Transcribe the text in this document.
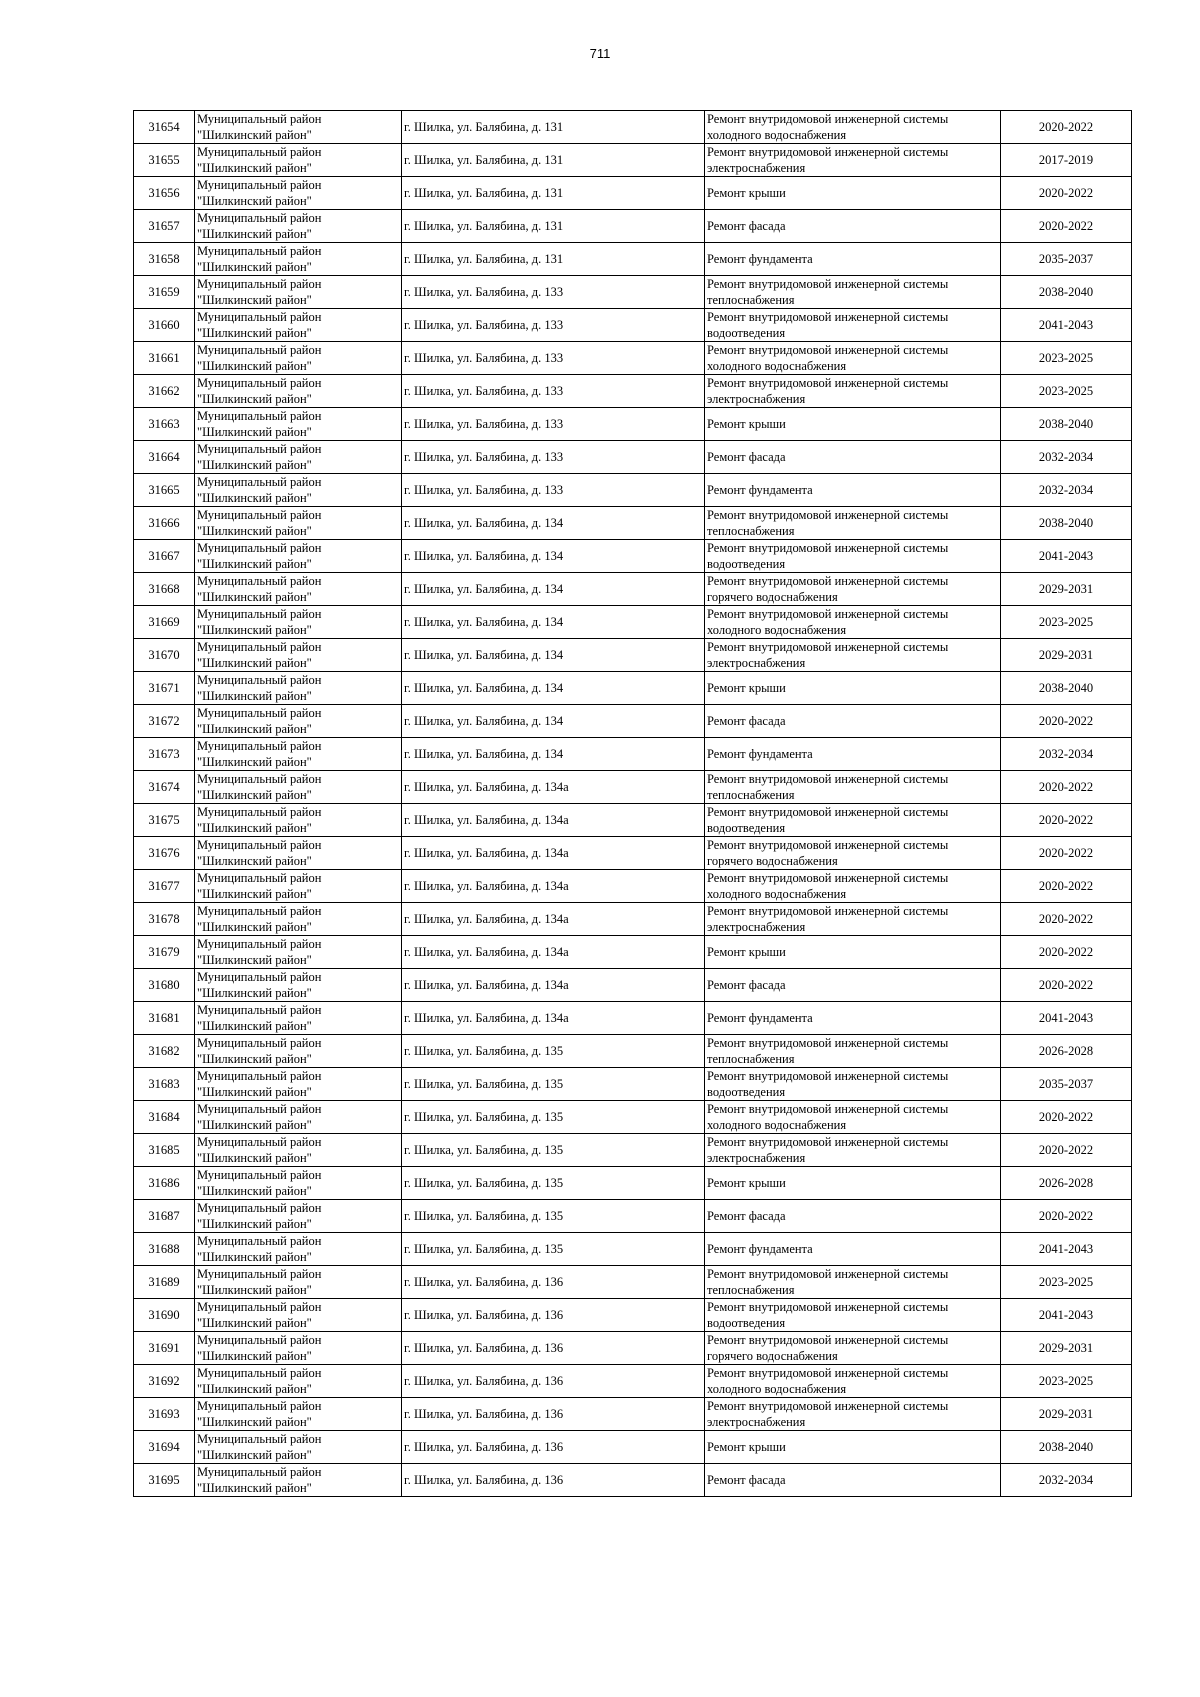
711
31654	Муниципальный район
"Шилкинский район"	г. Шилка, ул. Балябина, д. 131	Ремонт внутридомовой инженерной системы
холодного водоснабжения	2020-2022
31655	Муниципальный район
"Шилкинский район"	г. Шилка, ул. Балябина, д. 131	Ремонт внутридомовой инженерной системы
электроснабжения	2017-2019
31656	Муниципальный район
"Шилкинский район"	г. Шилка, ул. Балябина, д. 131	Ремонт крыши	2020-2022
31657	Муниципальный район
"Шилкинский район"	г. Шилка, ул. Балябина, д. 131	Ремонт фасада	2020-2022
31658	Муниципальный район
"Шилкинский район"	г. Шилка, ул. Балябина, д. 131	Ремонт фундамента	2035-2037
31659	Муниципальный район
"Шилкинский район"	г. Шилка, ул. Балябина, д. 133	Ремонт внутридомовой инженерной системы
теплоснабжения	2038-2040
31660	Муниципальный район
"Шилкинский район"	г. Шилка, ул. Балябина, д. 133	Ремонт внутридомовой инженерной системы
водоотведения	2041-2043
31661	Муниципальный район
"Шилкинский район"	г. Шилка, ул. Балябина, д. 133	Ремонт внутридомовой инженерной системы
холодного водоснабжения	2023-2025
31662	Муниципальный район
"Шилкинский район"	г. Шилка, ул. Балябина, д. 133	Ремонт внутридомовой инженерной системы
электроснабжения	2023-2025
31663	Муниципальный район
"Шилкинский район"	г. Шилка, ул. Балябина, д. 133	Ремонт крыши	2038-2040
31664	Муниципальный район
"Шилкинский район"	г. Шилка, ул. Балябина, д. 133	Ремонт фасада	2032-2034
31665	Муниципальный район
"Шилкинский район"	г. Шилка, ул. Балябина, д. 133	Ремонт фундамента	2032-2034
31666	Муниципальный район
"Шилкинский район"	г. Шилка, ул. Балябина, д. 134	Ремонт внутридомовой инженерной системы
теплоснабжения	2038-2040
31667	Муниципальный район
"Шилкинский район"	г. Шилка, ул. Балябина, д. 134	Ремонт внутридомовой инженерной системы
водоотведения	2041-2043
31668	Муниципальный район
"Шилкинский район"	г. Шилка, ул. Балябина, д. 134	Ремонт внутридомовой инженерной системы
горячего водоснабжения	2029-2031
31669	Муниципальный район
"Шилкинский район"	г. Шилка, ул. Балябина, д. 134	Ремонт внутридомовой инженерной системы
холодного водоснабжения	2023-2025
31670	Муниципальный район
"Шилкинский район"	г. Шилка, ул. Балябина, д. 134	Ремонт внутридомовой инженерной системы
электроснабжения	2029-2031
31671	Муниципальный район
"Шилкинский район"	г. Шилка, ул. Балябина, д. 134	Ремонт крыши	2038-2040
31672	Муниципальный район
"Шилкинский район"	г. Шилка, ул. Балябина, д. 134	Ремонт фасада	2020-2022
31673	Муниципальный район
"Шилкинский район"	г. Шилка, ул. Балябина, д. 134	Ремонт фундамента	2032-2034
31674	Муниципальный район
"Шилкинский район"	г. Шилка, ул. Балябина, д. 134а	Ремонт внутридомовой инженерной системы
теплоснабжения	2020-2022
31675	Муниципальный район
"Шилкинский район"	г. Шилка, ул. Балябина, д. 134а	Ремонт внутридомовой инженерной системы
водоотведения	2020-2022
31676	Муниципальный район
"Шилкинский район"	г. Шилка, ул. Балябина, д. 134а	Ремонт внутридомовой инженерной системы
горячего водоснабжения	2020-2022
31677	Муниципальный район
"Шилкинский район"	г. Шилка, ул. Балябина, д. 134а	Ремонт внутридомовой инженерной системы
холодного водоснабжения	2020-2022
31678	Муниципальный район
"Шилкинский район"	г. Шилка, ул. Балябина, д. 134а	Ремонт внутридомовой инженерной системы
электроснабжения	2020-2022
31679	Муниципальный район
"Шилкинский район"	г. Шилка, ул. Балябина, д. 134а	Ремонт крыши	2020-2022
31680	Муниципальный район
"Шилкинский район"	г. Шилка, ул. Балябина, д. 134а	Ремонт фасада	2020-2022
31681	Муниципальный район
"Шилкинский район"	г. Шилка, ул. Балябина, д. 134а	Ремонт фундамента	2041-2043
31682	Муниципальный район
"Шилкинский район"	г. Шилка, ул. Балябина, д. 135	Ремонт внутридомовой инженерной системы
теплоснабжения	2026-2028
31683	Муниципальный район
"Шилкинский район"	г. Шилка, ул. Балябина, д. 135	Ремонт внутридомовой инженерной системы
водоотведения	2035-2037
31684	Муниципальный район
"Шилкинский район"	г. Шилка, ул. Балябина, д. 135	Ремонт внутридомовой инженерной системы
холодного водоснабжения	2020-2022
31685	Муниципальный район
"Шилкинский район"	г. Шилка, ул. Балябина, д. 135	Ремонт внутридомовой инженерной системы
электроснабжения	2020-2022
31686	Муниципальный район
"Шилкинский район"	г. Шилка, ул. Балябина, д. 135	Ремонт крыши	2026-2028
31687	Муниципальный район
"Шилкинский район"	г. Шилка, ул. Балябина, д. 135	Ремонт фасада	2020-2022
31688	Муниципальный район
"Шилкинский район"	г. Шилка, ул. Балябина, д. 135	Ремонт фундамента	2041-2043
31689	Муниципальный район
"Шилкинский район"	г. Шилка, ул. Балябина, д. 136	Ремонт внутридомовой инженерной системы
теплоснабжения	2023-2025
31690	Муниципальный район
"Шилкинский район"	г. Шилка, ул. Балябина, д. 136	Ремонт внутридомовой инженерной системы
водоотведения	2041-2043
31691	Муниципальный район
"Шилкинский район"	г. Шилка, ул. Балябина, д. 136	Ремонт внутридомовой инженерной системы
горячего водоснабжения	2029-2031
31692	Муниципальный район
"Шилкинский район"	г. Шилка, ул. Балябина, д. 136	Ремонт внутридомовой инженерной системы
холодного водоснабжения	2023-2025
31693	Муниципальный район
"Шилкинский район"	г. Шилка, ул. Балябина, д. 136	Ремонт внутридомовой инженерной системы
электроснабжения	2029-2031
31694	Муниципальный район
"Шилкинский район"	г. Шилка, ул. Балябина, д. 136	Ремонт крыши	2038-2040
31695	Муниципальный район
"Шилкинский район"	г. Шилка, ул. Балябина, д. 136	Ремонт фасада	2032-2034
